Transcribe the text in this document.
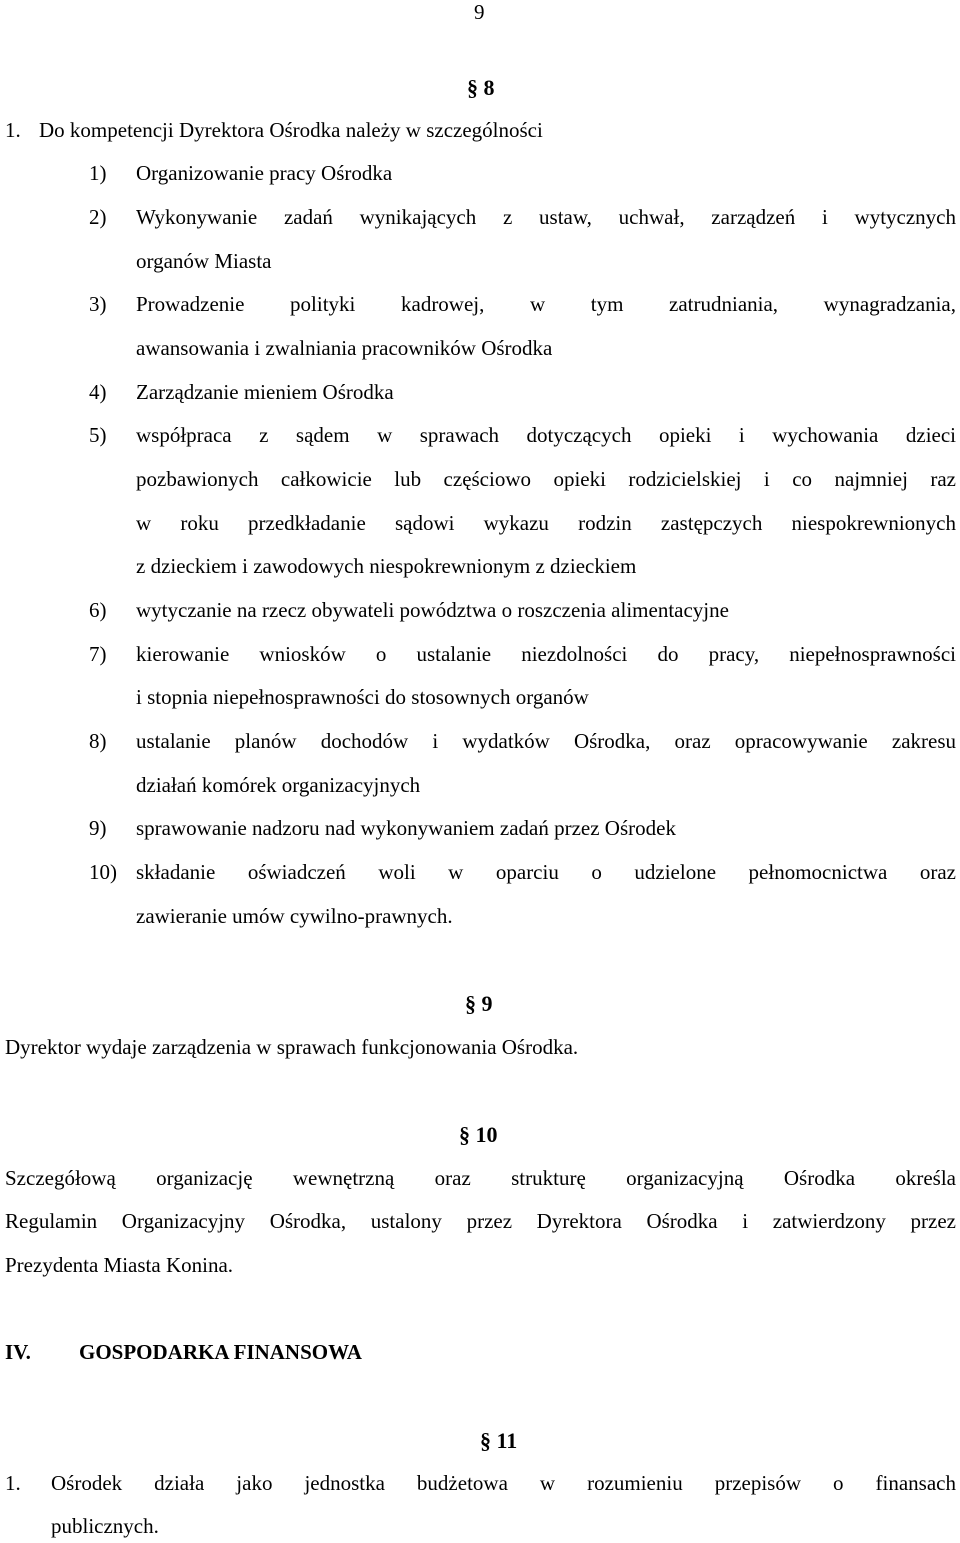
9
§ 8
1. Do kompetencji Dyrektora Ośrodka należy w szczególności
1) Organizowanie pracy Ośrodka
2) Wykonywanie zadań wynikających z ustaw, uchwał, zarządzeń i wytycznych
organów Miasta
3) Prowadzenie polityki kadrowej, w tym zatrudniania, wynagradzania,
awansowania i zwalniania pracowników Ośrodka
4) Zarządzanie mieniem Ośrodka
5) współpraca z sądem w sprawach dotyczących opieki i wychowania dzieci
pozbawionych całkowicie lub częściowo opieki rodzicielskiej i co najmniej raz
w roku przedkładanie sądowi wykazu rodzin zastępczych niespokrewnionych
z dzieckiem i zawodowych niespokrewnionym z dzieckiem
6) wytyczanie na rzecz obywateli powództwa o roszczenia alimentacyjne
7) kierowanie wniosków o ustalanie niezdolności do pracy, niepełnosprawności
i stopnia niepełnosprawności do stosownych organów
8) ustalanie planów dochodów i wydatków Ośrodka, oraz opracowywanie zakresu
działań komórek organizacyjnych
9) sprawowanie nadzoru nad wykonywaniem zadań przez Ośrodek
10) składanie oświadczeń woli w oparciu o udzielone pełnomocnictwa oraz
zawieranie umów cywilno-prawnych.
§ 9
Dyrektor wydaje zarządzenia w sprawach funkcjonowania Ośrodka.
§ 10
Szczegółową organizację wewnętrzną oraz strukturę organizacyjną Ośrodka określa
Regulamin Organizacyjny Ośrodka, ustalony przez Dyrektora Ośrodka i zatwierdzony przez
Prezydenta Miasta Konina.
IV. GOSPODARKA FINANSOWA
§ 11
1. Ośrodek działa jako jednostka budżetowa w rozumieniu przepisów o finansach
publicznych.
